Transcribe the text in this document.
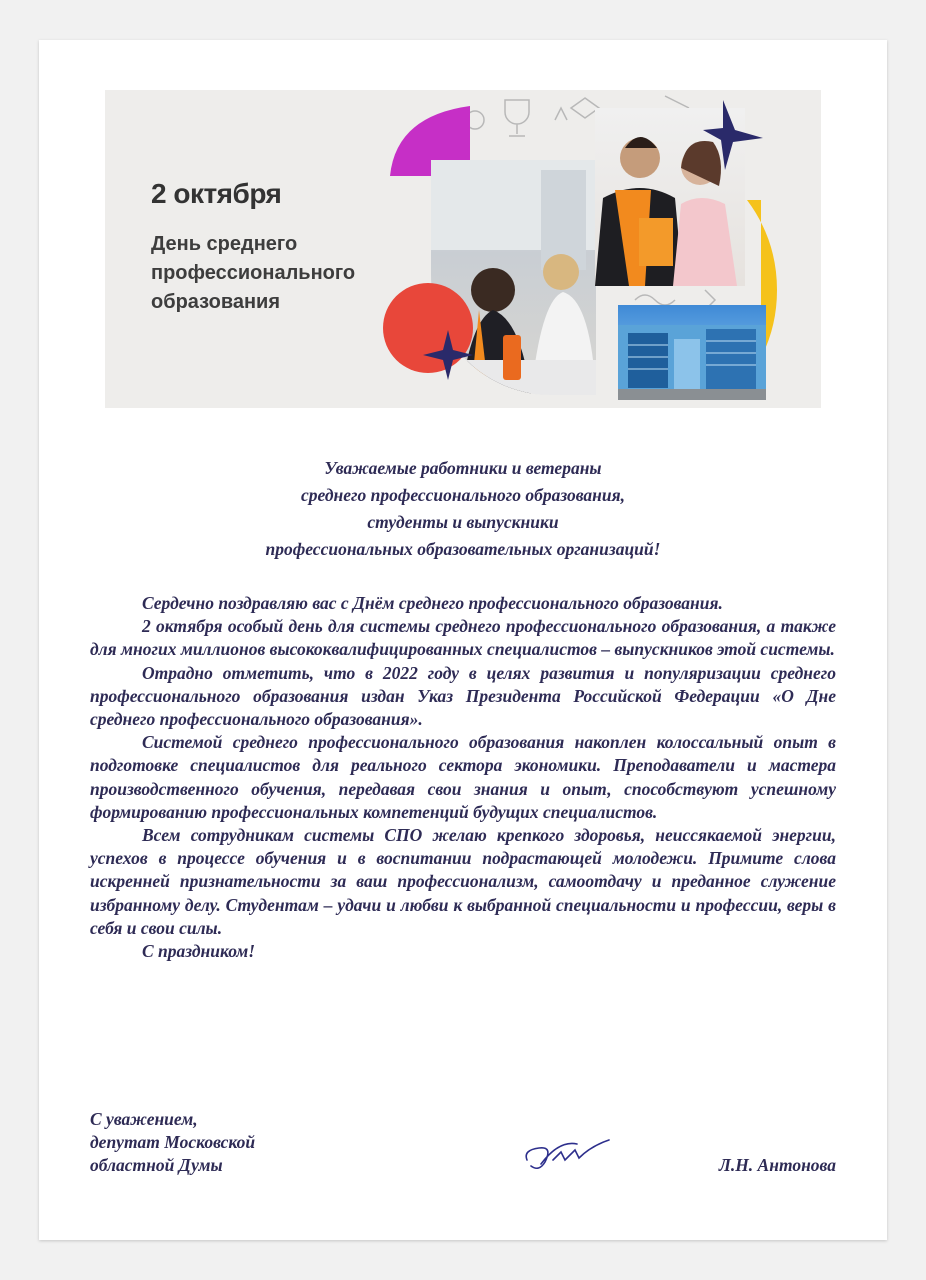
2 октября
День среднего профессионального образования
Уважаемые работники и ветераны
среднего профессионального образования,
студенты и выпускники
профессиональных образовательных организаций!

Сердечно поздравляю вас с Днём среднего профессионального образования.

2 октября особый день для системы среднего профессионального образования, а также для многих миллионов высококвалифицированных специалистов – выпускников этой системы.

Отрадно отметить, что в 2022 году в целях развития и популяризации среднего профессионального образования издан Указ Президента Российской Федерации «О Дне среднего профессионального образования».

Системой среднего профессионального образования накоплен колоссальный опыт в подготовке специалистов для реального сектора экономики. Преподаватели и мастера производственного обучения, передавая свои знания и опыт, способствуют успешному формированию профессиональных компетенций будущих специалистов.

Всем сотрудникам системы СПО желаю крепкого здоровья, неиссякаемой энергии, успехов в процессе обучения и в воспитании подрастающей молодежи. Примите слова искренней признательности за ваш профессионализм, самоотдачу и преданное служение избранному делу. Студентам – удачи и любви к выбранной специальности и профессии, веры в себя и свои силы.

С праздником!

С уважением,
депутат Московской
областной Думы	Л.Н. Антонова
